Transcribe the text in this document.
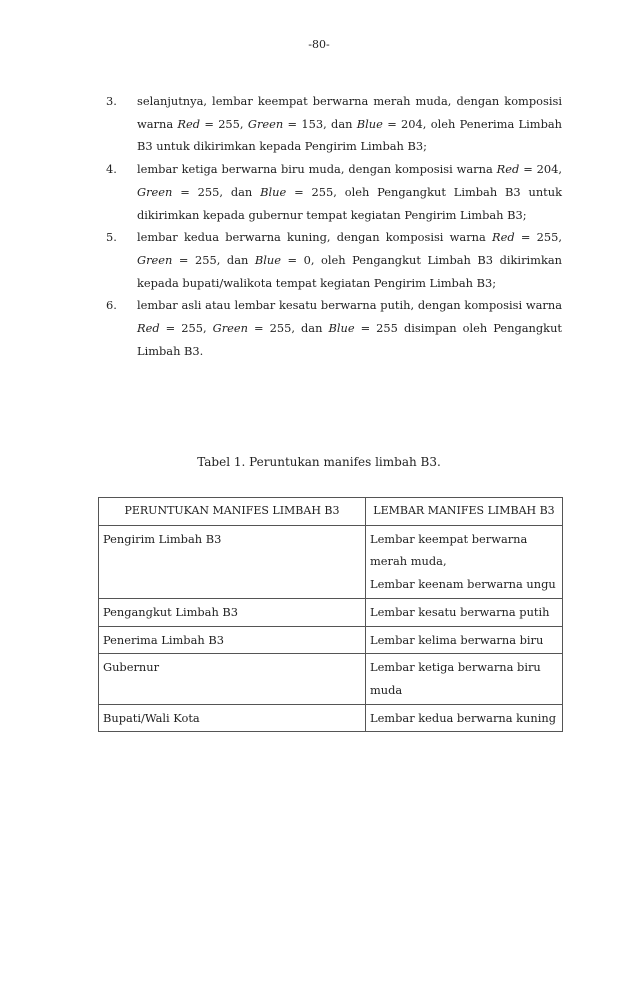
-80-
3. selanjutnya, lembar keempat berwarna merah muda, dengan komposisi warna Red = 255, Green = 153, dan Blue = 204, oleh Penerima Limbah B3 untuk dikirimkan kepada Pengirim Limbah B3;
4. lembar ketiga berwarna biru muda, dengan komposisi warna Red = 204, Green = 255, dan Blue = 255, oleh Pengangkut Limbah B3 untuk dikirimkan kepada gubernur tempat kegiatan Pengirim Limbah B3;
5. lembar kedua berwarna kuning, dengan komposisi warna Red = 255, Green = 255, dan Blue = 0, oleh Pengangkut Limbah B3 dikirimkan kepada bupati/walikota tempat kegiatan Pengirim Limbah B3;
6. lembar asli atau lembar kesatu berwarna putih, dengan komposisi warna Red = 255, Green = 255, dan Blue = 255 disimpan oleh Pengangkut Limbah B3.
Tabel 1. Peruntukan manifes limbah B3.
PERUNTUKAN MANIFES LIMBAH B3	LEMBAR MANIFES LIMBAH B3
Pengirim Limbah B3	Lembar keempat berwarna merah muda,
Lembar keenam berwarna ungu

Pengangkut Limbah B3	Lembar kesatu berwarna putih

Penerima Limbah B3	Lembar kelima berwarna biru

Gubernur	Lembar ketiga berwarna biru muda

Bupati/Wali Kota	Lembar kedua berwarna kuning
